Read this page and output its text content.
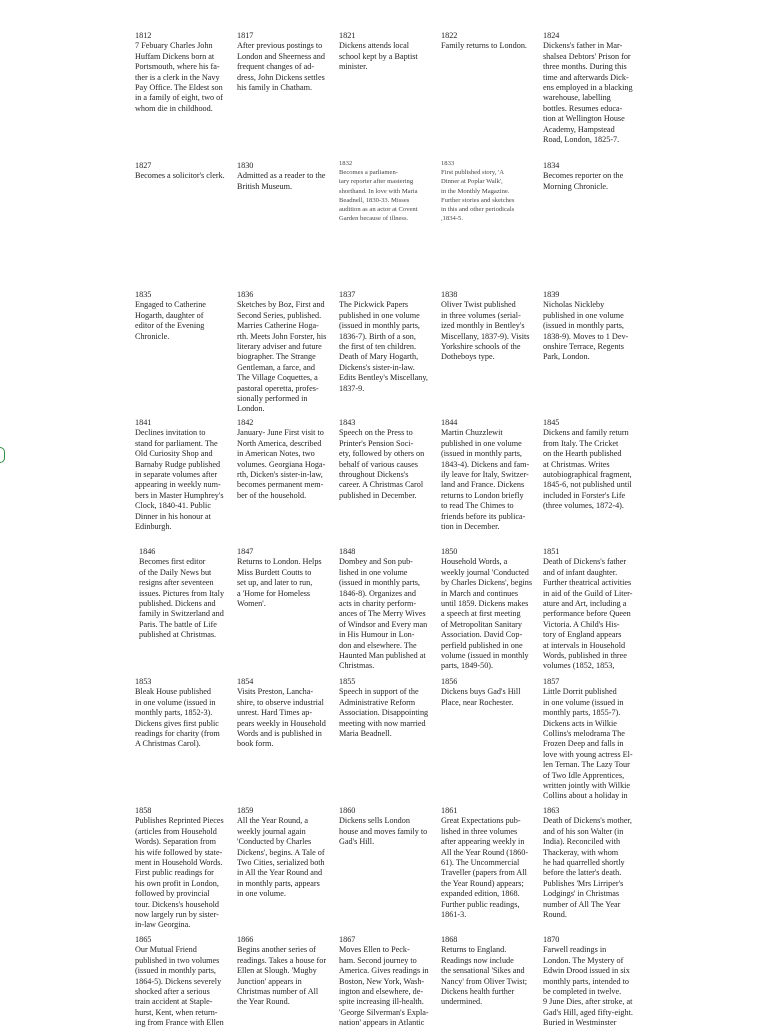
1812
7 Febuary Charles John
Huffam Dickens born at
Portsmouth, where his fa-
ther is a clerk in the Navy
Pay Office. The Eldest son
in a family of eight, two of
whom die in childhood.
1817
After previous postings to
London and Sheerness and
frequent changes of ad-
dress, John Dickens settles
his family in Chatham.
1821
Dickens attends local
school kept by a Baptist
minister.
1822
Family returns to London.
1824
Dickens's father in Mar-
shalsea Debtors' Prison for
three months. During this
time and afterwards Dick-
ens employed in a blacking
warehouse, labelling
bottles. Resumes educa-
tion at Wellington House
Academy, Hampstead
Road, London, 1825-7.
1827
Becomes a solicitor's clerk.
1830
Admitted as a reader to the
British Museum.
1832
Becomes a parliamen-
tary reporter after mastering
shorthand. In love with Maria
Beadnell, 1830-33. Misses
audition as an actor at Covent
Garden because of illness.
1833
First published story, 'A
Dinner at Poplar Walk',
in the Monthly Magazine.
Further stories and sketches
in this and other periodicals
,1834-5.
1834
Becomes reporter on the
Morning Chronicle.
1835
Engaged to Catherine
Hogarth, daughter of
editor of the Evening
Chronicle.
1836
Sketches by Boz, First and
Second Series, published.
Marries Catherine Hoga-
rth. Meets John Forster, his
literary adviser and future
biographer. The Strange
Gentleman, a farce, and
The Village Coquettes, a
pastoral operetta, profes-
sionally performed in
London.
1837
The Pickwick Papers
published in one volume
(issued in monthly parts,
1836-7). Birth of a son,
the first of ten children.
Death of Mary Hogarth,
Dickens's sister-in-law.
Edits Bentley's Miscellany,
1837-9.
1838
Oliver Twist published
in three volumes (serial-
ized monthly in Bentley's
Miscellany, 1837-9). Visits
Yorkshire schools of the
Dotheboys type.
1839
Nicholas Nickleby
published in one volume
(issued in monthly parts,
1838-9). Moves to 1 Dev-
onshire Terrace, Regents
Park, London.
1841
Declines invitation to
stand for parliament. The
Old Curiosity Shop and
Barnaby Rudge published
in separate volumes after
appearing in weekly num-
bers in Master Humphrey's
Clock, 1840-41. Public
Dinner in his honour at
Edinburgh.
1842
January- June First visit to
North America, described
in American Notes, two
volumes. Georgiana Hoga-
rth, Dicken's sister-in-law,
becomes permanent mem-
ber of the household.
1843
Speech on the Press to
Printer's Pension Soci-
ety, followed by others on
behalf of various causes
throughout Dickens's
career. A Christmas Carol
published in December.
1844
Martin Chuzzlewit
published in one volume
(issued in monthly parts,
1843-4). Dickens and fam-
ily leave for Italy, Switzer-
land and France. Dickens
returns to London briefly
to read The Chimes to
friends before its publica-
tion in December.
1845
Dickens and family return
from Italy. The Cricket
on the Hearth published
at Christmas. Writes
autobiographical fragment,
1845-6, not published until
included in Forster's Life
(three volumes, 1872-4).
1846
Becomes first editor
of the Daily News but
resigns after seventeen
issues. Pictures from Italy
published. Dickens and
family in Switzerland and
Paris. The battle of Life
published at Christmas.
1847
Returns to London. Helps
Miss Burdett Coutts to
set up, and later to run,
a 'Home for Homeless
Women'.
1848
Dombey and Son pub-
lished in one volume
(issued in monthly parts,
1846-8). Organizes and
acts in charity perform-
ances of The Merry Wives
of Windsor and Every man
in His Humour in Lon-
don and elsewhere. The
Haunted Man published at
Christmas.
1850
Household Words, a
weekly journal 'Conducted
by Charles Dickens', begins
in March and continues
until 1859. Dickens makes
a speech at first meeting
of Metropolitan Sanitary
Association. David Cop-
perfield published in one
volume (issued in monthly
parts, 1849-50).
1851
Death of Dickens's father
and of infant daughter.
Further theatrical activities
in aid of the Guild of Liter-
ature and Art, including a
performance before Queen
Victoria. A Child's His-
tory of England appears
at intervals in Household
Words, published in three
volumes (1852, 1853,
1853
Bleak House published
in one volume (issued in
monthly parts, 1852-3).
Dickens gives first public
readings for charity (from
A Christmas Carol).
1854
Visits Preston, Lancha-
shire, to observe industrial
unrest. Hard Times ap-
pears weekly in Household
Words and is published in
book form.
1855
Speech in support of the
Administrative Reform
Association. Disappointing
meeting with now married
Maria Beadnell.
1856
Dickens buys Gad's Hill
Place, near Rochester.
1857
Little Dorrit published
in one volume (issued in
monthly parts, 1855-7).
Dickens acts in Wilkie
Collins's melodrama The
Frozen Deep and falls in
love with young actress El-
len Ternan. The Lazy Tour
of Two Idle Apprentices,
written jointly with Wilkie
Collins about a holiday in
1858
Publishes Reprinted Pieces
(articles from Household
Words). Separation from
his wife followed by state-
ment in Household Words.
First public readings for
his own profit in London,
followed by provincial
tour. Dickens's household
now largely run by sister-
in-law Georgina.
1859
All the Year Round, a
weekly journal again
'Conducted by Charles
Dickens', begins. A Tale of
Two Cities, serialized both
in All the Year Round and
in monthly parts, appears
in one volume.
1860
Dickens sells London
house and moves family to
Gad's Hill.
1861
Great Expectations pub-
lished in three volumes
after appearing weekly in
All the Year Round (1860-
61). The Uncommercial
Traveller (papers from All
the Year Round) appears;
expanded edition, 1868.
Further public readings,
1861-3.
1863
Death of Dickens's mother,
and of his son Walter (in
India). Reconciled with
Thackeray, with whom
he had quarrelled shortly
before the latter's death.
Publishes 'Mrs Lirriper's
Lodgings' in Christmas
number of All The Year
Round.
1865
Our Mutual Friend
published in two volumes
(issued in monthly parts,
1864-5). Dickens severely
shocked after a serious
train accident at Staple-
hurst, Kent, when return-
ing from France with Ellen
1866
Begins another series of
readings. Takes a house for
Ellen at Slough. 'Mugby
Junction' appears in
Christmas number of All
the Year Round.
1867
Moves Ellen to Peck-
ham. Second journey to
America. Gives readings in
Boston, New York, Wash-
ington and elsewhere, de-
spite increasing ill-health.
'George Silverman's Expla-
nation' appears in Atlantic
1868
Returns to England.
Readings now include
the sensational 'Sikes and
Nancy' from Oliver Twist;
Dickens health further
undermined.
1870
Farwell readings in
London. The Mystery of
Edwin Drood issued in six
monthly parts, intended to
be completed in twelve.
9 June Dies, after stroke, at
Gad's Hill, aged fifty-eight.
Buried in Westminster
